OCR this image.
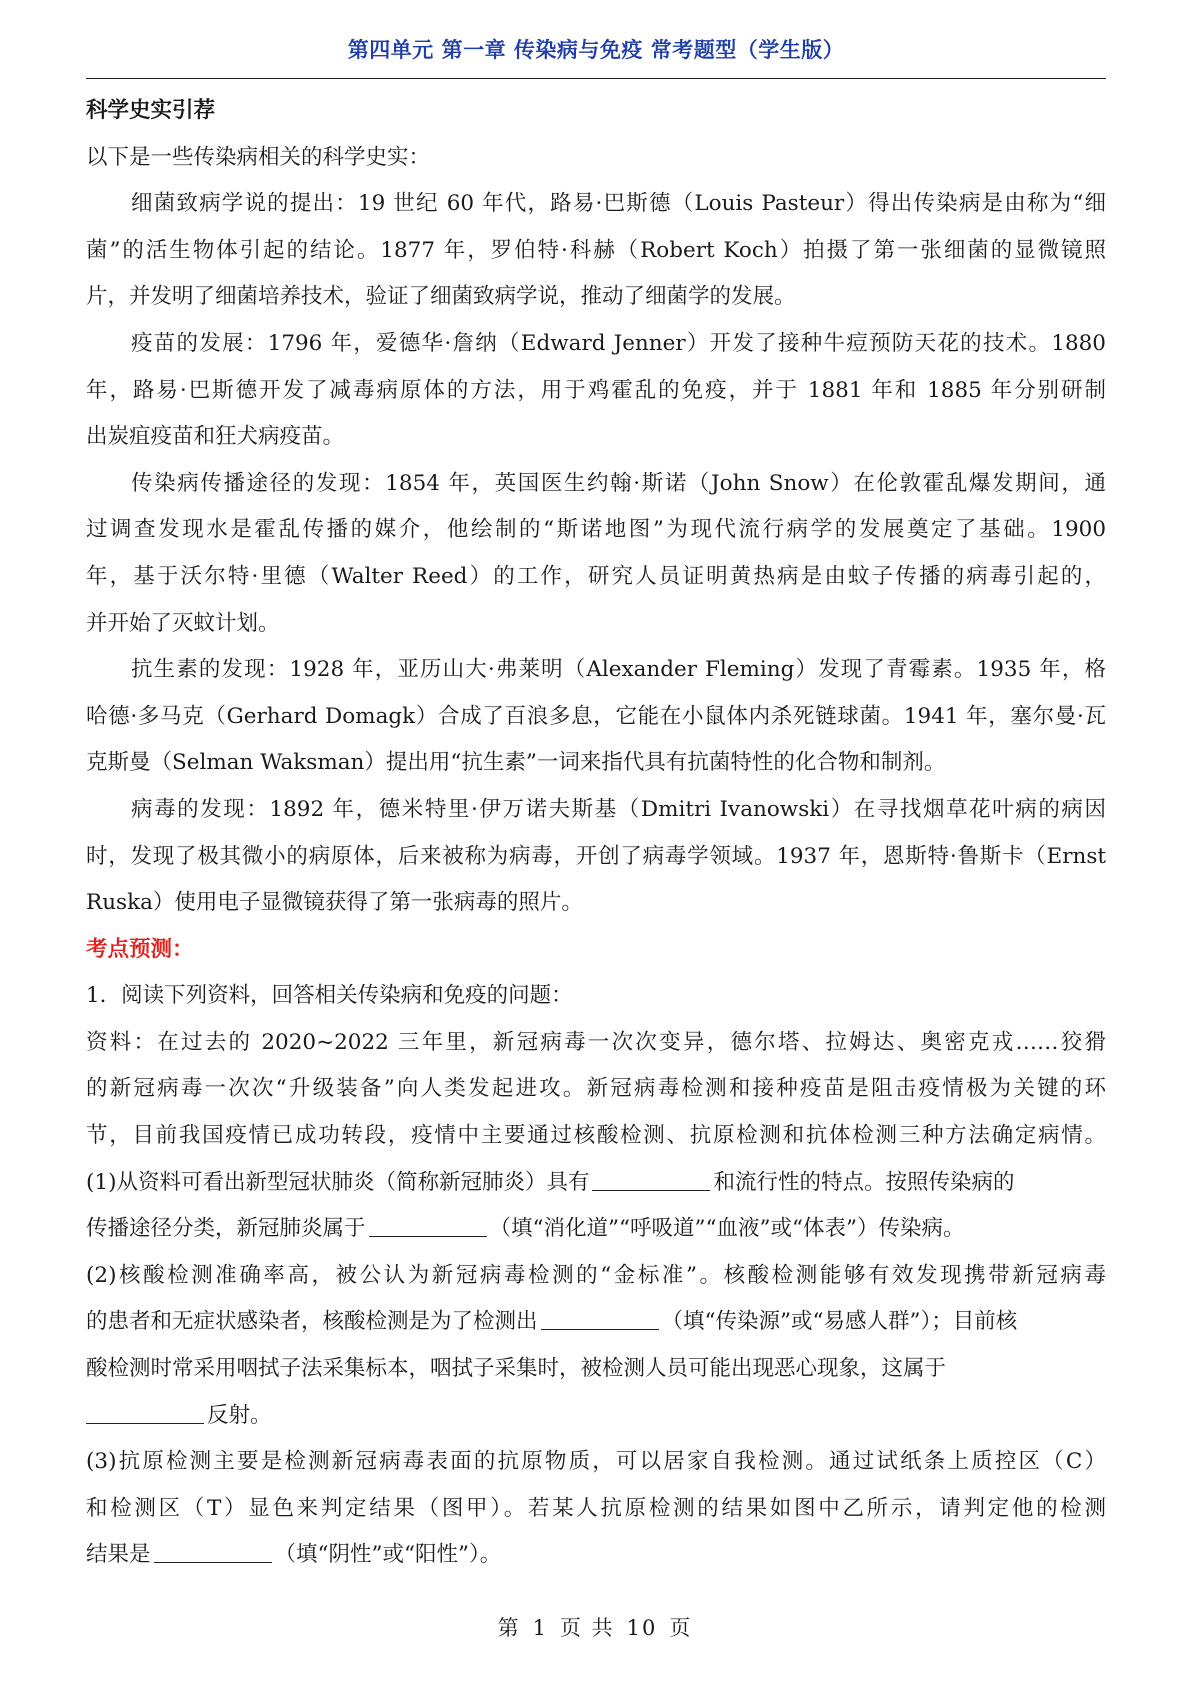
第四单元 第一章 传染病与免疫 常考题型（学生版）
科学史实引荐
以下是一些传染病相关的科学史实：
细菌致病学说的提出：19 世纪 60 年代，路易·巴斯德（Louis Pasteur）得出传染病是由称为“细
菌”的活生物体引起的结论。1877 年，罗伯特·科赫（Robert Koch）拍摄了第一张细菌的显微镜照
片，并发明了细菌培养技术，验证了细菌致病学说，推动了细菌学的发展。
疫苗的发展：1796 年，爱德华·詹纳（Edward Jenner）开发了接种牛痘预防天花的技术。1880
年，路易·巴斯德开发了减毒病原体的方法，用于鸡霍乱的免疫，并于 1881 年和 1885 年分别研制
出炭疽疫苗和狂犬病疫苗。
传染病传播途径的发现：1854 年，英国医生约翰·斯诺（John Snow）在伦敦霍乱爆发期间，通
过调查发现水是霍乱传播的媒介，他绘制的“斯诺地图”为现代流行病学的发展奠定了基础。1900
年，基于沃尔特·里德（Walter Reed）的工作，研究人员证明黄热病是由蚊子传播的病毒引起的，
并开始了灭蚊计划。
抗生素的发现：1928 年，亚历山大·弗莱明（Alexander Fleming）发现了青霉素。1935 年，格
哈德·多马克（Gerhard Domagk）合成了百浪多息，它能在小鼠体内杀死链球菌。1941 年，塞尔曼·瓦
克斯曼（Selman Waksman）提出用“抗生素”一词来指代具有抗菌特性的化合物和制剂。
病毒的发现：1892 年，德米特里·伊万诺夫斯基（Dmitri Ivanowski）在寻找烟草花叶病的病因
时，发现了极其微小的病原体，后来被称为病毒，开创了病毒学领域。1937 年，恩斯特·鲁斯卡（Ernst
Ruska）使用电子显微镜获得了第一张病毒的照片。
考点预测：
1．阅读下列资料，回答相关传染病和免疫的问题：
资料：在过去的 2020~2022 三年里，新冠病毒一次次变异，德尔塔、拉姆达、奥密克戎……狡猾
的新冠病毒一次次“升级装备”向人类发起进攻。新冠病毒检测和接种疫苗是阻击疫情极为关键的环
节，目前我国疫情已成功转段，疫情中主要通过核酸检测、抗原检测和抗体检测三种方法确定病情。
(1)从资料可看出新型冠状肺炎（简称新冠肺炎）具有	和流行性的特点。按照传染病的
传播途径分类，新冠肺炎属于	（填“消化道”“呼吸道”“血液”或“体表”）传染病。
(2)核酸检测准确率高，被公认为新冠病毒检测的“金标准”。核酸检测能够有效发现携带新冠病毒
的患者和无症状感染者，核酸检测是为了检测出	（填“传染源”或“易感人群”）；目前核
酸检测时常采用咽拭子法采集标本，咽拭子采集时，被检测人员可能出现恶心现象，这属于
反射。
(3)抗原检测主要是检测新冠病毒表面的抗原物质，可以居家自我检测。通过试纸条上质控区（C）
和检测区（T）显色来判定结果（图甲）。若某人抗原检测的结果如图中乙所示，请判定他的检测
结果是	（填“阴性”或“阳性”）。
第 1 页 共 10 页
